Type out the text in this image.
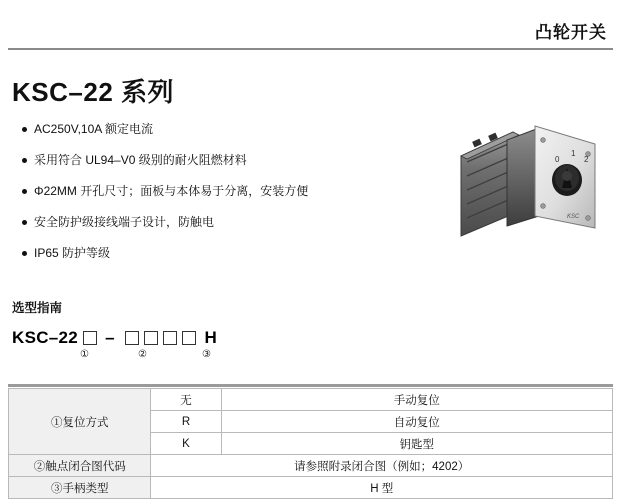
凸轮开关
KSC–22 系列
AC250V,10A 额定电流
采用符合 UL94–V0 级别的耐火阻燃材料
Φ22MM 开孔尺寸；面板与本体易于分离，安装方便
安全防护级接线端子设计，防触电
IP65 防护等级
0
1
2
KSC
选型指南
KSC–22 –	H
①	②	③
①复位方式	无	手动复位
	R	自动复位
	K	钥匙型
②触点闭合图代码	请参照附录闭合图（例如；4202）	
③手柄类型	H 型	
